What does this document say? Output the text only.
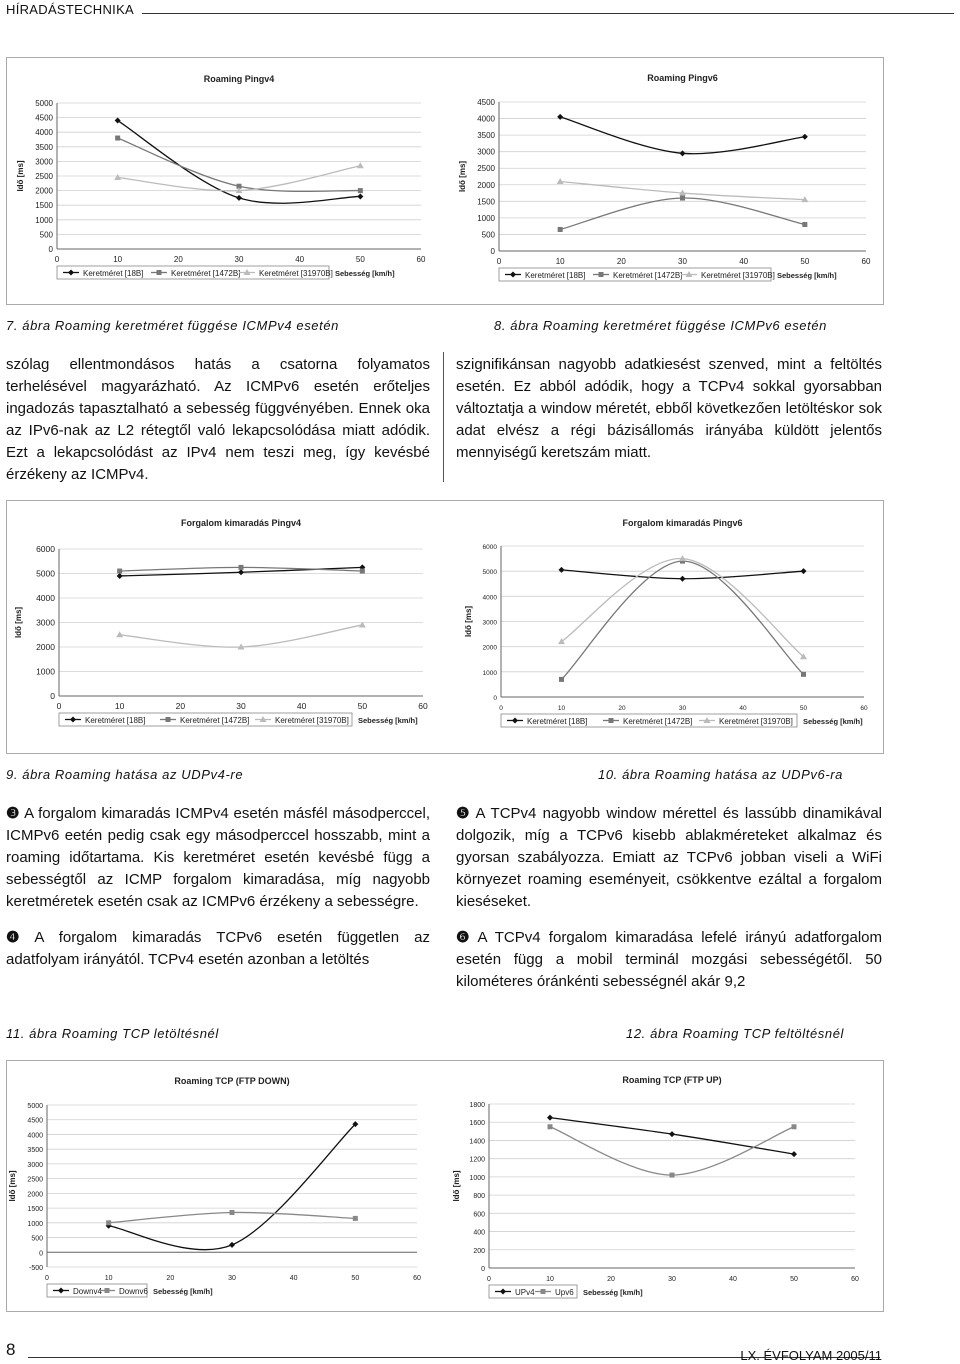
HÍRADÁSTECHNIKA
Roaming Pingv4
0
500
1000
1500
2000
2500
3000
3500
4000
4500
5000
0	10	20	30	40	50	60
Idő [ms]
Keretméret [18B]	Keretméret [1472B] Keretméret [31970B] Sebesség [km/h]
Roaming Pingv6
0
500
1000
1500
2000
2500
3000
3500
4000
4500
0	10	20	30	40	50	60
Idő [ms]
Keretméret [18B]	Keretméret [1472B] Keretméret [31970B] Sebesség [km/h]
7. ábra Roaming keretméret függése ICMPv4 esetén	8. ábra Roaming keretméret függése ICMPv6 esetén

szólag ellentmondásos hatás a csatorna folyamatos terhelésével magyarázható. Az ICMPv6 esetén erőteljes ingadozás tapasztalható a sebesség függvényében. Ennek oka az IPv6-nak az L2 rétegtől való lekapcsolódása miatt adódik. Ezt a lekapcsolódást az IPv4 nem teszi meg, így kevésbé érzékeny az ICMPv4.

szignifikánsan nagyobb adatkiesést szenved, mint a feltöltés esetén. Ez abból adódik, hogy a TCPv4 sokkal gyorsabban változtatja a window méretét, ebből következően letöltéskor sok adat elvész a régi bázisállomás irányába küldött jelentős mennyiségű keretszám miatt.

Forgalom kimaradás Pingv4
0
1000
2000
3000
4000
5000
6000
0	10	20	30	40	50	60
Idő [ms]
Keretméret [18B]	Keretméret [1472B]	Keretméret [31970B] Sebesség [km/h]
Forgalom kimaradás Pingv6
0
1000
2000
3000
4000
5000
6000
0	10	20	30	40	50	60
Idő [ms]
Keretméret [18B]	Keretméret [1472B]	Keretméret [31970B] Sebesség [km/h]
9. ábra Roaming hatása az UDPv4-re	10. ábra Roaming hatása az UDPv6-ra

❸ A forgalom kimaradás ICMPv4 esetén másfél másodperccel, ICMPv6 eetén pedig csak egy másodperccel hosszabb, mint a roaming időtartama. Kis keretméret esetén kevésbé függ a sebességtől az ICMP forgalom kimaradása, míg nagyobb keretméretek esetén csak az ICMPv6 érzékeny a sebességre.

❹ A forgalom kimaradás TCPv6 esetén független az adatfolyam irányától. TCPv4 esetén azonban a letöltés

❺ A TCPv4 nagyobb window mérettel és lassúbb dinamikával dolgozik, míg a TCPv6 kisebb ablakméreteket alkalmaz és gyorsan szabályozza. Emiatt az TCPv6 jobban viseli a WiFi környezet roaming eseményeit, csökkentve ezáltal a forgalom kieséseket.

❻ A TCPv4 forgalom kimaradása lefelé irányú adatforgalom esetén függ a mobil terminál mozgási sebességétől. 50 kilométeres óránkénti sebességnél akár 9,2

11. ábra Roaming TCP letöltésnél	12. ábra Roaming TCP feltöltésnél
Roaming TCP (FTP DOWN)
-500
0
500
1000
1500
2000
2500
3000
3500
4000
4500
5000
0	10	20	30	40	50	60
Idő [ms]
Downv4 Downv6 Sebesség [km/h]
Roaming TCP (FTP UP)
0
200
400
600
800
1000
1200
1400
1600
1800
0	10	20	30	40	50	60
Idő [ms]
UPv4	Upv6 Sebesség [km/h]
8	LX. ÉVFOLYAM 2005/11
